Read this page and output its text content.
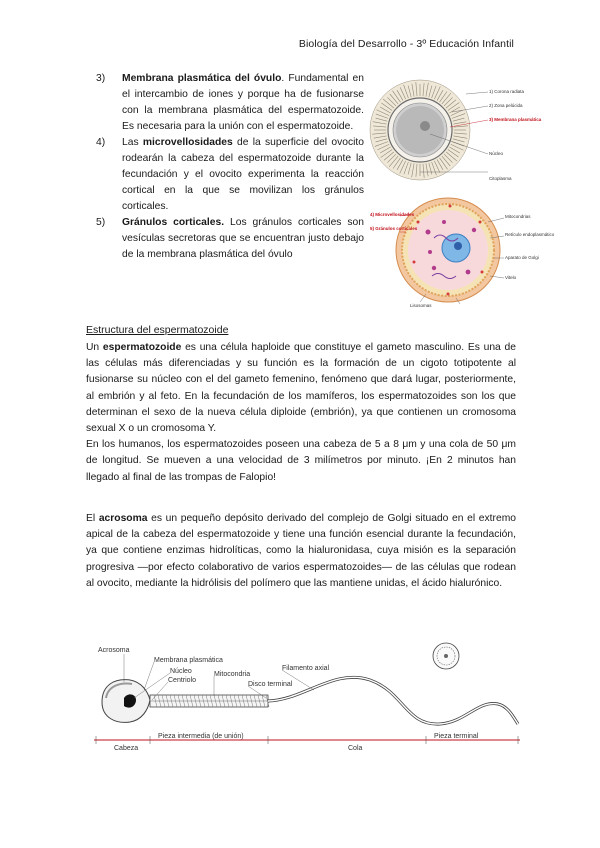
Biología del Desarrollo - 3º Educación Infantil
3) Membrana plasmática del óvulo. Fundamental en el intercambio de iones y porque ha de fusionarse con la membrana plasmática del espermatozoide. Es necesaria para la unión con el espermatozoide.
4) Las microvellosidades de la superficie del ovocito rodearán la cabeza del espermatozoide durante la fecundación y el ovocito experimenta la reacción cortical en la que se movilizan los gránulos corticales.
5) Gránulos corticales. Los gránulos corticales son vesículas secretoras que se encuentran justo debajo de la membrana plasmática del óvulo
1) Corona radiata
2) Zona pelúcida
3) Membrana plasmática
Núcleo
Citoplasma
4) Microvellosidades
5) Gránulos corticales
Mitocondrias
Retículo endoplasmático
Aparato de Golgi
Vitelo
Lisosomas
Estructura del espermatozoide

Un espermatozoide es una célula haploide que constituye el gameto masculino. Es una de las células más diferenciadas y su función es la formación de un cigoto totipotente al fusionarse su núcleo con el del gameto femenino, fenómeno que dará lugar, posteriormente, al embrión y al feto. En la fecundación de los mamíferos, los espermatozoides son los que determinan el sexo de la nueva célula diploide (embrión), ya que contienen un cromosoma sexual X o un cromosoma Y.

En los humanos, los espermatozoides poseen una cabeza de 5 a 8 μm y una cola de 50 μm de longitud. Se mueven a una velocidad de 3 milímetros por minuto. ¡En 2 minutos han llegado al final de las trompas de Falopio!

El acrosoma es un pequeño depósito derivado del complejo de Golgi situado en el extremo apical de la cabeza del espermatozoide y tiene una función esencial durante la fecundación, ya que contiene enzimas hidrolíticas, como la hialuronidasa, cuya misión es la separación progresiva —por efecto colaborativo de varios espermatozoides— de las células que rodean al ovocito, mediante la hidrólisis del polímero que las mantiene unidas, el ácido hialurónico.

Acrosoma
Membrana plasmática
Núcleo
Centriolo
Mitocondria
Disco terminal
Filamento axial
Cabeza
Pieza intermedia (de unión)
Cola
Pieza terminal
